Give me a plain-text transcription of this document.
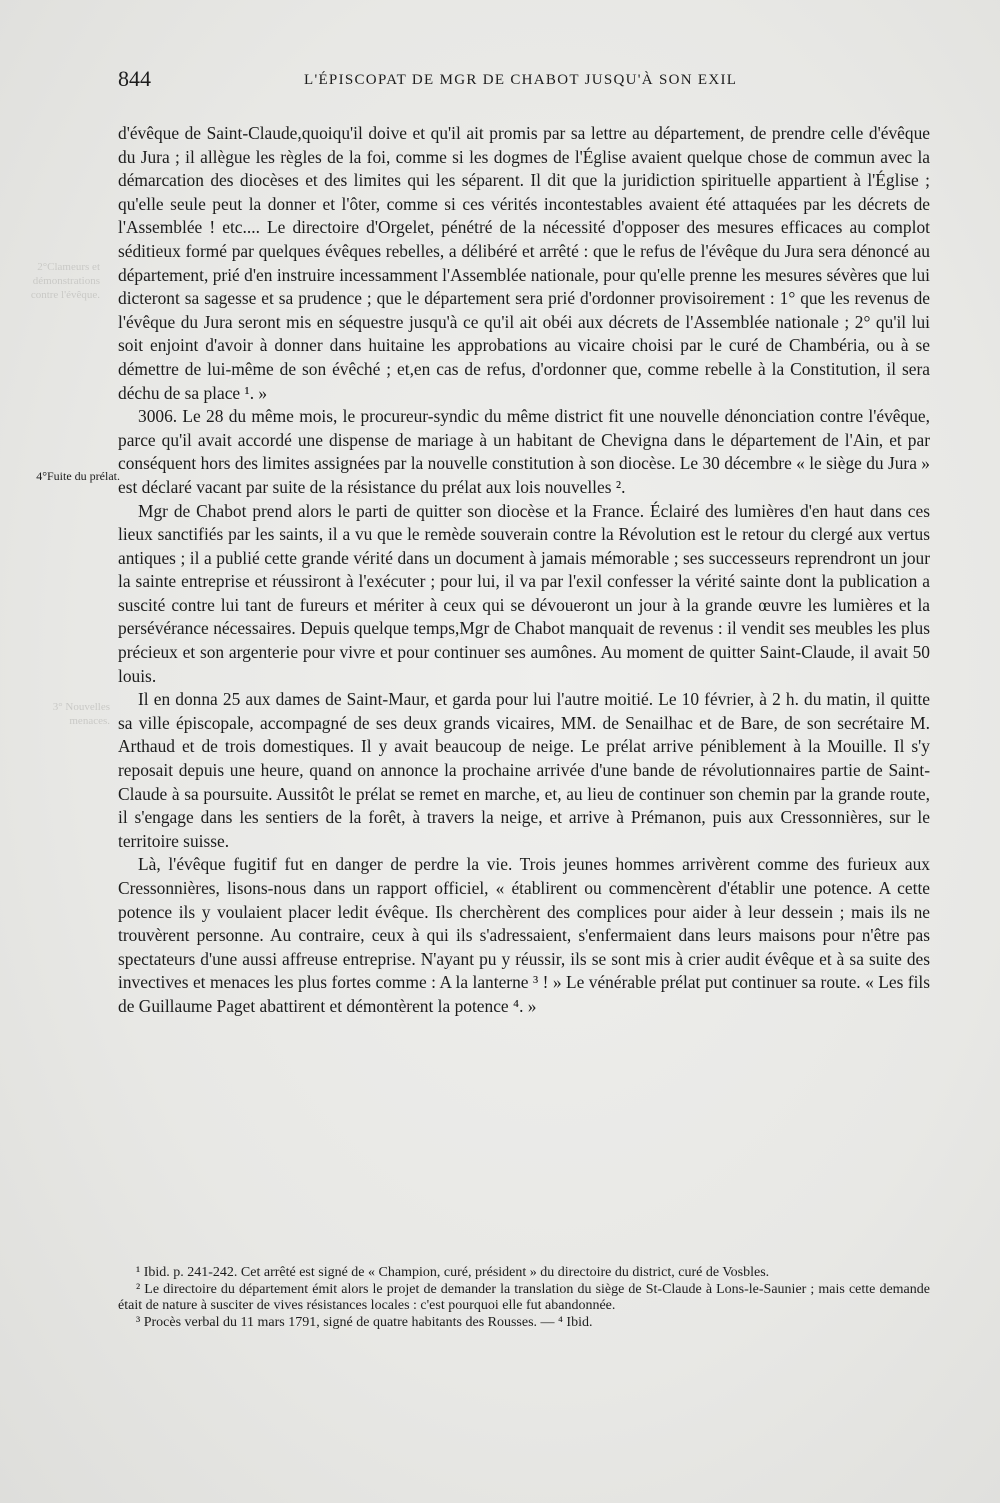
2°Clameurs et démonstrations contre l'évêque.
3° Nouvelles menaces.
844	L'ÉPISCOPAT DE MGR DE CHABOT JUSQU'À SON EXIL
4°Fuite du prélat.

d'évêque de Saint-Claude,quoiqu'il doive et qu'il ait promis par sa lettre au département, de prendre celle d'évêque du Jura ; il allègue les règles de la foi, comme si les dogmes de l'Église avaient quelque chose de commun avec la démarcation des diocèses et des limites qui les séparent. Il dit que la juridiction spirituelle appartient à l'Église ; qu'elle seule peut la donner et l'ôter, comme si ces vérités incontestables avaient été attaquées par les décrets de l'Assemblée ! etc.... Le directoire d'Orgelet, pénétré de la nécessité d'opposer des mesures efficaces au complot séditieux formé par quelques évêques rebelles, a délibéré et arrêté : que le refus de l'évêque du Jura sera dénoncé au département, prié d'en instruire incessamment l'Assemblée nationale, pour qu'elle prenne les mesures sévères que lui dicteront sa sagesse et sa prudence ; que le département sera prié d'ordonner provisoirement : 1° que les revenus de l'évêque du Jura seront mis en séquestre jusqu'à ce qu'il ait obéi aux décrets de l'Assemblée nationale ; 2° qu'il lui soit enjoint d'avoir à donner dans huitaine les approbations au vicaire choisi par le curé de Chambéria, ou à se démettre de lui-même de son évêché ; et,en cas de refus, d'ordonner que, comme rebelle à la Constitution, il sera déchu de sa place ¹. »

3006. Le 28 du même mois, le procureur-syndic du même district fit une nouvelle dénonciation contre l'évêque, parce qu'il avait accordé une dispense de mariage à un habitant de Chevigna dans le département de l'Ain, et par conséquent hors des limites assignées par la nouvelle constitution à son diocèse. Le 30 décembre « le siège du Jura » est déclaré vacant par suite de la résistance du prélat aux lois nouvelles ².

Mgr de Chabot prend alors le parti de quitter son diocèse et la France. Éclairé des lumières d'en haut dans ces lieux sanctifiés par les saints, il a vu que le remède souverain contre la Révolution est le retour du clergé aux vertus antiques ; il a publié cette grande vérité dans un document à jamais mémorable ; ses successeurs reprendront un jour la sainte entreprise et réussiront à l'exécuter ; pour lui, il va par l'exil confesser la vérité sainte dont la publication a suscité contre lui tant de fureurs et mériter à ceux qui se dévoueront un jour à la grande œuvre les lumières et la persévérance nécessaires. Depuis quelque temps,Mgr de Chabot manquait de revenus : il vendit ses meubles les plus précieux et son argenterie pour vivre et pour continuer ses aumônes. Au moment de quitter Saint-Claude, il avait 50 louis.

Il en donna 25 aux dames de Saint-Maur, et garda pour lui l'autre moitié. Le 10 février, à 2 h. du matin, il quitte sa ville épiscopale, accompagné de ses deux grands vicaires, MM. de Senailhac et de Bare, de son secrétaire M. Arthaud et de trois domestiques. Il y avait beaucoup de neige. Le prélat arrive péniblement à la Mouille. Il s'y reposait depuis une heure, quand on annonce la prochaine arrivée d'une bande de révolutionnaires partie de Saint-Claude à sa poursuite. Aussitôt le prélat se remet en marche, et, au lieu de continuer son chemin par la grande route, il s'engage dans les sentiers de la forêt, à travers la neige, et arrive à Prémanon, puis aux Cressonnières, sur le territoire suisse.

Là, l'évêque fugitif fut en danger de perdre la vie. Trois jeunes hommes arrivèrent comme des furieux aux Cressonnières, lisons-nous dans un rapport officiel, « établirent ou commencèrent d'établir une potence. A cette potence ils y voulaient placer ledit évêque. Ils cherchèrent des complices pour aider à leur dessein ; mais ils ne trouvèrent personne. Au contraire, ceux à qui ils s'adressaient, s'enfermaient dans leurs maisons pour n'être pas spectateurs d'une aussi affreuse entreprise. N'ayant pu y réussir, ils se sont mis à crier audit évêque et à sa suite des invectives et menaces les plus fortes comme : A la lanterne ³ ! » Le vénérable prélat put continuer sa route. « Les fils de Guillaume Paget abattirent et démontèrent la potence ⁴. »

¹ Ibid. p. 241-242. Cet arrêté est signé de « Champion, curé, président » du directoire du district, curé de Vosbles.

² Le directoire du département émit alors le projet de demander la translation du siège de St-Claude à Lons-le-Saunier ; mais cette demande était de nature à susciter de vives résistances locales : c'est pourquoi elle fut abandonnée.

³ Procès verbal du 11 mars 1791, signé de quatre habitants des Rousses. — ⁴ Ibid.
